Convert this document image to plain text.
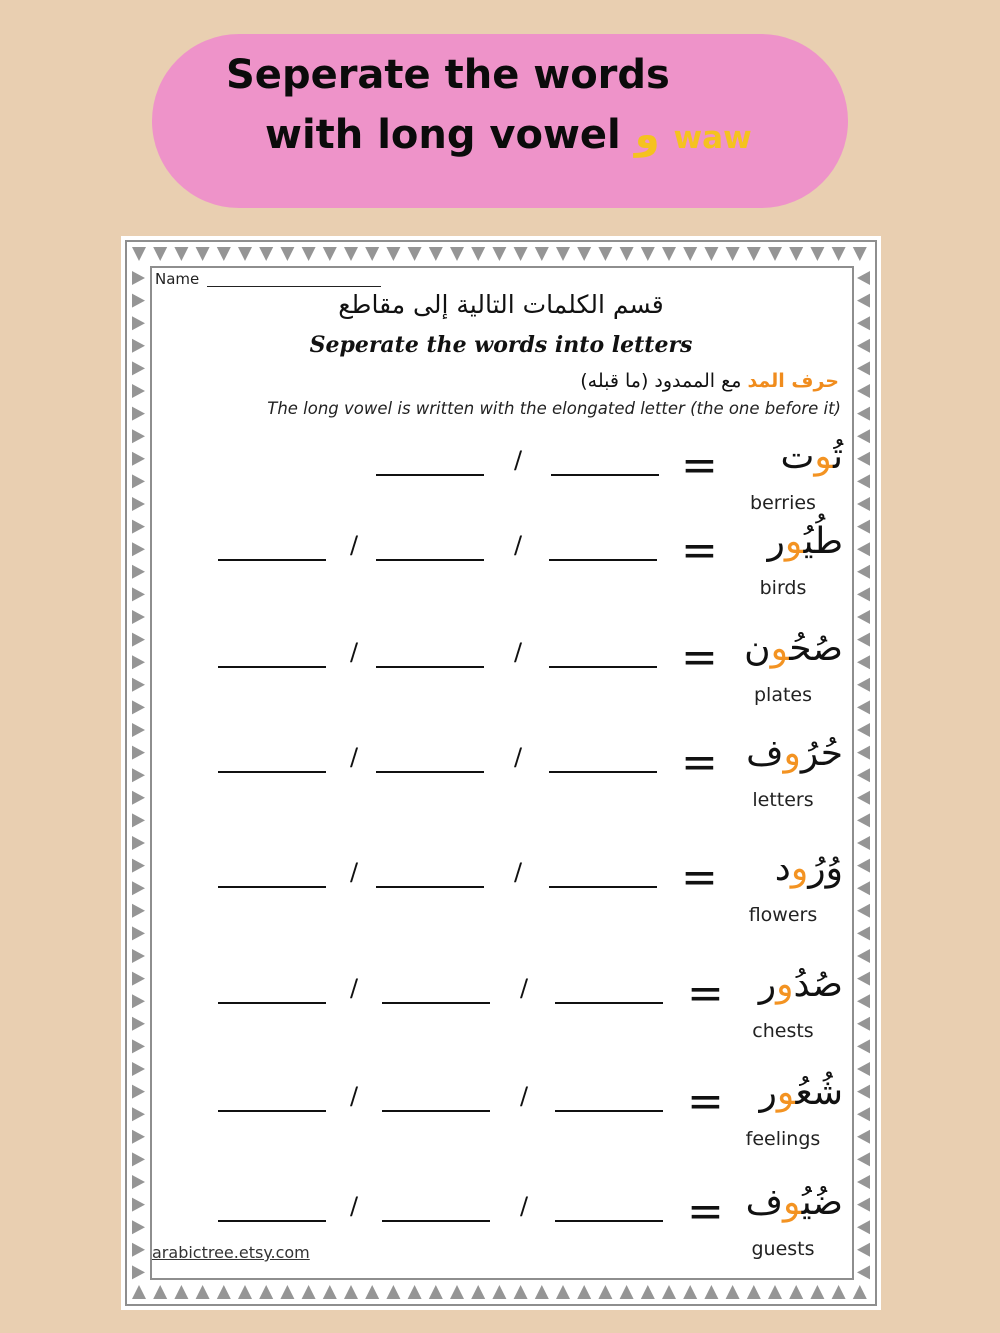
Seperate the words
with long vowel و waw
Name
قسم الكلمات التالية إلى مقاطع
Seperate the words into letters
حرف المد مع الممدود (ما قبله)
The long vowel is written with the elongated letter (the one before it)
تُوت
=
berries
/
طُيُور
=
birds
/	/
صُحُون
=
plates
/	/
حُرُوف
=
letters
/	/
وُرُود
=
flowers
/	/
صُدُور
=
chests
/	/
شُعُور
=
feelings
/	/
ضُيُوف
=
guests
/	/
arabictree.etsy.com
